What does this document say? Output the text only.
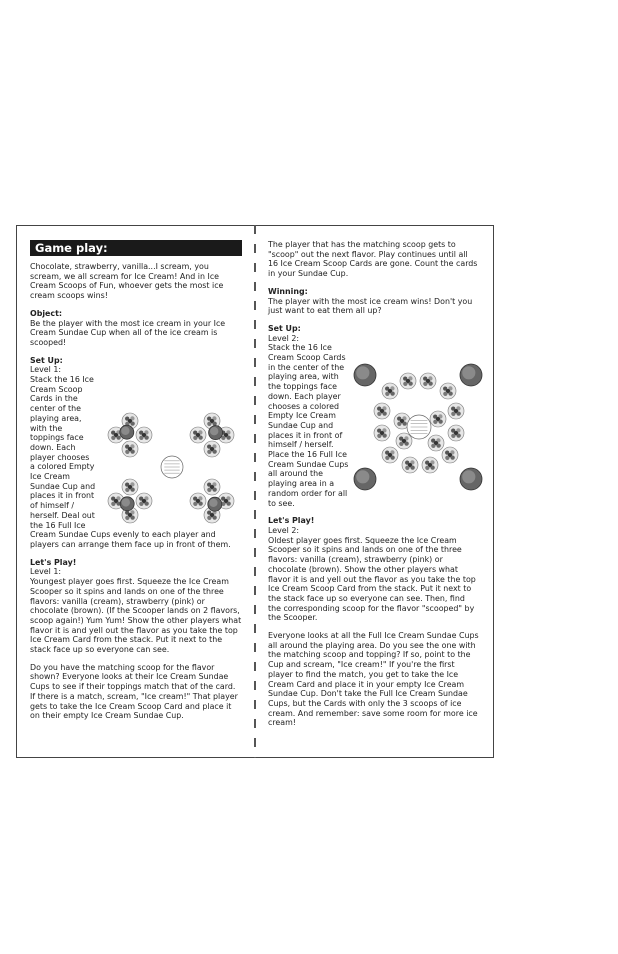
Game play:

Chocolate, strawberry, vanilla...I scream, you scream, we all scream for Ice Cream! And in Ice Cream Scoops of Fun, whoever gets the most ice cream scoops wins!

Object:

Be the player with the most ice cream in your Ice Cream Sundae Cup when all of the ice cream is scooped!

Set Up:
Level 1:

Stack the 16 Ice Cream Scoop Cards in the center of the playing area, with the toppings face down. Each player chooses a colored Empty Ice Cream Sundae Cup and places it in front of himself / herself. Deal out the 16 Full Ice Cream Sundae Cups evenly to each player and players can arrange them face up in front of them.

Let's Play!
Level 1:

Youngest player goes first. Squeeze the Ice Cream Scooper so it spins and lands on one of the three flavors: vanilla (cream), strawberry (pink) or chocolate (brown). (If the Scooper lands on 2 flavors, scoop again!) Yum Yum! Show the other players what flavor it is and yell out the flavor as you take the top Ice Cream Card from the stack. Put it next to the stack face up so everyone can see.

Do you have the matching scoop for the flavor shown? Everyone looks at their Ice Cream Sundae Cups to see if their toppings match that of the card. If there is a match, scream, "Ice cream!" That player gets to take the Ice Cream Scoop Card and place it on their empty Ice Cream Sundae Cup.

The player that has the matching scoop gets to "scoop" out the next flavor. Play continues until all 16 Ice Cream Scoop Cards are gone. Count the cards in your Sundae Cup.

Winning:

The player with the most ice cream wins! Don't you just want to eat them all up?

Set Up:
Level 2:

Stack the 16 Ice Cream Scoop Cards in the center of the playing area, with the toppings face down. Each player chooses a colored Empty Ice Cream Sundae Cup and places it in front of himself / herself. Place the 16 Full Ice Cream Sundae Cups all around the playing area in a random order for all to see.

Let's Play!
Level 2:

Oldest player goes first. Squeeze the Ice Cream Scooper so it spins and lands on one of the three flavors: vanilla (cream), strawberry (pink) or chocolate (brown). Show the other players what flavor it is and yell out the flavor as you take the top Ice Cream Scoop Card from the stack. Put it next to the stack face up so everyone can see. Then, find the corresponding scoop for the flavor "scooped" by the Scooper.

Everyone looks at all the Full Ice Cream Sundae Cups all around the playing area. Do you see the one with the matching scoop and topping? If so, point to the Cup and scream, "Ice cream!" If you're the first player to find the match, you get to take the Ice Cream Card and place it in your empty Ice Cream Sundae Cup. Don't take the Full Ice Cream Sundae Cups, but the Cards with only the 3 scoops of ice cream. And remember: save some room for more ice cream!
